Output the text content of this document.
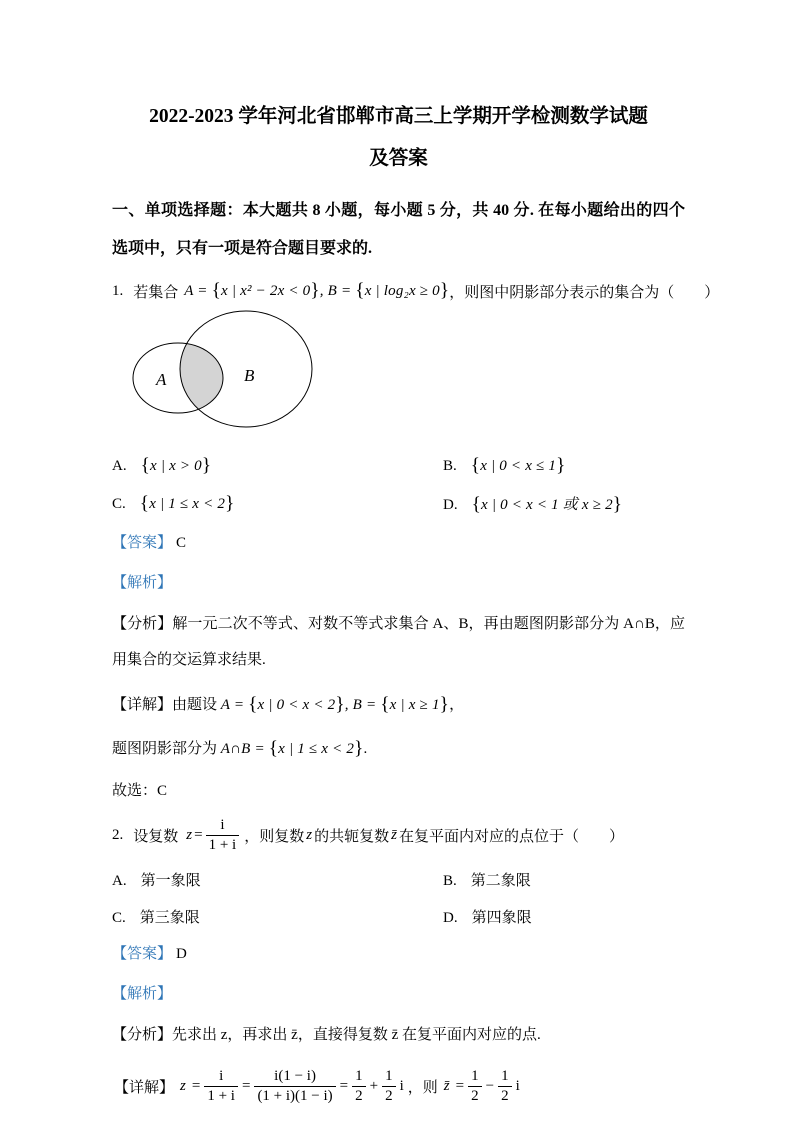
2022-2023 学年河北省邯郸市高三上学期开学检测数学试题
及答案

一、单项选择题：本大题共 8 小题，每小题 5 分，共 40 分. 在每小题给出的四个选项中，只有一项是符合题目要求的.

1. 若集合 A = {x | x² − 2x < 0}, B = {x | log₂x ≥ 0} ，则图中阴影部分表示的集合为（　　）
A	B
A. {x | x > 0}	B. {x | 0 < x ≤ 1}
C. {x | 1 ≤ x < 2}	D. {x | 0 < x < 1 或 x ≥ 2}

【答案】 C

【解析】

【分析】解一元二次不等式、对数不等式求集合 A、B，再由题图阴影部分为 A∩B，应用集合的交运算求结果.

【详解】由题设 A = {x | 0 < x < 2}, B = {x | x ≥ 1}，

题图阴影部分为 A∩B = {x | 1 ≤ x < 2}.

故选：C

2. 设复数 $z = \frac{i}{1 + i}$ ，则复数 z 的共轭复数 z̄ 在复平面内对应的点位于（　　）
A. 第一象限	B. 第二象限
C. 第三象限	D. 第四象限

【答案】 D

【解析】

【分析】先求出 z，再求出 z̄，直接得复数 z̄ 在复平面内对应的点.

【详解】 $z = \frac{i}{1 + i} = \frac{i(1 - i)}{(1 + i)(1 - i)} = \frac{1}{2} + \frac{1}{2}$ i ，则 z̄ = $\frac{1}{2} - \frac{1}{2}$ i
